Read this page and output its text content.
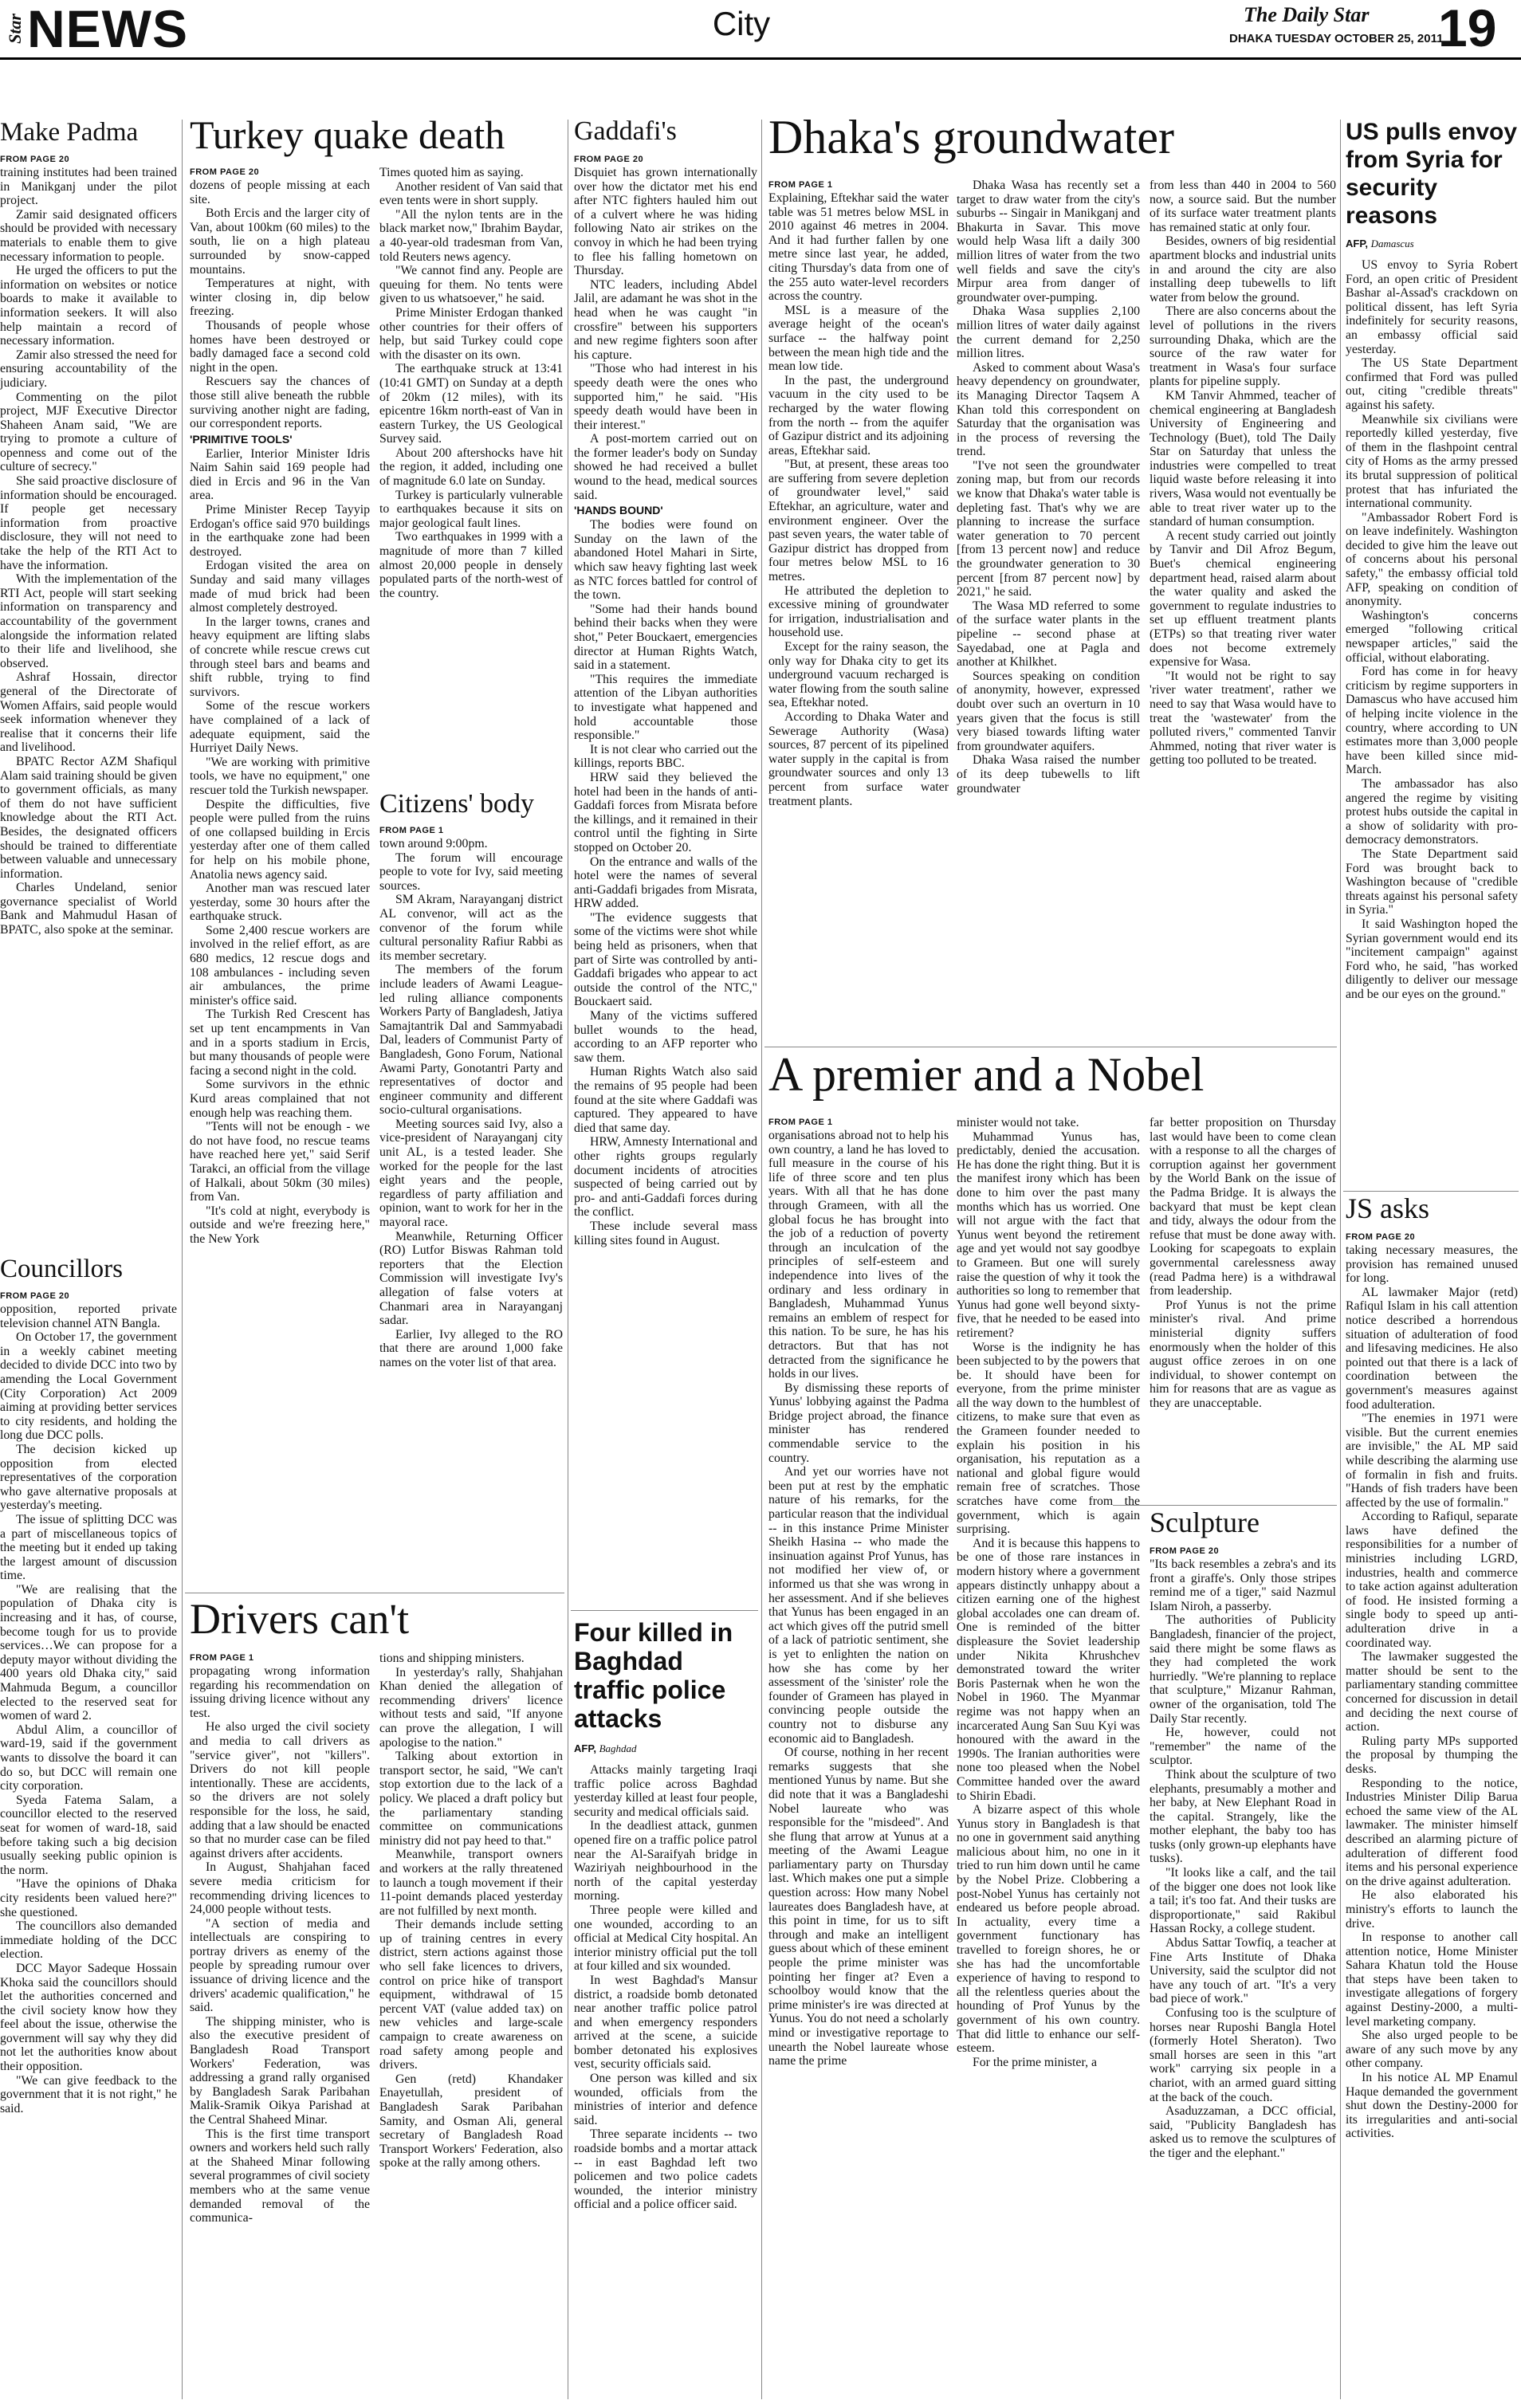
Star NEWS	City	The Daily Star
DHAKA TUESDAY OCTOBER 25, 2011
19
Make Padma
FROM PAGE 20

training institutes had been trained in Manikganj under the pilot project.

Zamir said designated officers should be provided with necessary materials to enable them to give necessary information to people.

He urged the officers to put the information on websites or notice boards to make it available to information seekers. It will also help maintain a record of necessary information.

Zamir also stressed the need for ensuring accountability of the judiciary.

Commenting on the pilot project, MJF Executive Director Shaheen Anam said, "We are trying to promote a culture of openness and come out of the culture of secrecy."

She said proactive disclosure of information should be encouraged. If people get necessary information from proactive disclosure, they will not need to take the help of the RTI Act to have the information.

With the implementation of the RTI Act, people will start seeking information on transparency and accountability of the government alongside the information related to their life and livelihood, she observed.

Ashraf Hossain, director general of the Directorate of Women Affairs, said people would seek information whenever they realise that it concerns their life and livelihood.

BPATC Rector AZM Shafiqul Alam said training should be given to government officials, as many of them do not have sufficient knowledge about the RTI Act. Besides, the designated officers should be trained to differentiate between valuable and unnecessary information.

Charles Undeland, senior governance specialist of World Bank and Mahmudul Hasan of BPATC, also spoke at the seminar.

Councillors
FROM PAGE 20

opposition, reported private television channel ATN Bangla.

On October 17, the government in a weekly cabinet meeting decided to divide DCC into two by amending the Local Government (City Corporation) Act 2009 aiming at providing better services to city residents, and holding the long due DCC polls.

The decision kicked up opposition from elected representatives of the corporation who gave alternative proposals at yesterday's meeting.

The issue of splitting DCC was a part of miscellaneous topics of the meeting but it ended up taking the largest amount of discussion time.

"We are realising that the population of Dhaka city is increasing and it has, of course, become tough for us to provide services…We can propose for a deputy mayor without dividing the 400 years old Dhaka city," said Mahmuda Begum, a councillor elected to the reserved seat for women of ward 2.

Abdul Alim, a councillor of ward-19, said if the government wants to dissolve the board it can do so, but DCC will remain one city corporation.

Syeda Fatema Salam, a councillor elected to the reserved seat for women of ward-18, said before taking such a big decision usually seeking public opinion is the norm.

"Have the opinions of Dhaka city residents been valued here?" she questioned.

The councillors also demanded immediate holding of the DCC election.

DCC Mayor Sadeque Hossain Khoka said the councillors should let the authorities concerned and the civil society know how they feel about the issue, otherwise the government will say why they did not let the authorities know about their opposition.

"We can give feedback to the government that it is not right," he said.

Turkey quake death
FROM PAGE 20

dozens of people missing at each site.

Both Ercis and the larger city of Van, about 100km (60 miles) to the south, lie on a high plateau surrounded by snow-capped mountains.

Temperatures at night, with winter closing in, dip below freezing.

Thousands of people whose homes have been destroyed or badly damaged face a second cold night in the open.

Rescuers say the chances of those still alive beneath the rubble surviving another night are fading, our correspondent reports.

'PRIMITIVE TOOLS'

Earlier, Interior Minister Idris Naim Sahin said 169 people had died in Ercis and 96 in the Van area.

Prime Minister Recep Tayyip Erdogan's office said 970 buildings in the earthquake zone had been destroyed.

Erdogan visited the area on Sunday and said many villages made of mud brick had been almost completely destroyed.

In the larger towns, cranes and heavy equipment are lifting slabs of concrete while rescue crews cut through steel bars and beams and shift rubble, trying to find survivors.

Some of the rescue workers have complained of a lack of adequate equipment, said the Hurriyet Daily News.

"We are working with primitive tools, we have no equipment," one rescuer told the Turkish newspaper.

Despite the difficulties, five people were pulled from the ruins of one collapsed building in Ercis yesterday after one of them called for help on his mobile phone, Anatolia news agency said.

Another man was rescued later yesterday, some 30 hours after the earthquake struck.

Some 2,400 rescue workers are involved in the relief effort, as are 680 medics, 12 rescue dogs and 108 ambulances - including seven air ambulances, the prime minister's office said.

The Turkish Red Crescent has set up tent encampments in Van and in a sports stadium in Ercis, but many thousands of people were facing a second night in the cold.

Some survivors in the ethnic Kurd areas complained that not enough help was reaching them.

"Tents will not be enough - we do not have food, no rescue teams have reached here yet," said Serif Tarakci, an official from the village of Halkali, about 50km (30 miles) from Van.

"It's cold at night, everybody is outside and we're freezing here," the New York

Times quoted him as saying.

Another resident of Van said that even tents were in short supply.

"All the nylon tents are in the black market now," Ibrahim Baydar, a 40-year-old tradesman from Van, told Reuters news agency.

"We cannot find any. People are queuing for them. No tents were given to us whatsoever," he said.

Prime Minister Erdogan thanked other countries for their offers of help, but said Turkey could cope with the disaster on its own.

The earthquake struck at 13:41 (10:41 GMT) on Sunday at a depth of 20km (12 miles), with its epicentre 16km north-east of Van in eastern Turkey, the US Geological Survey said.

About 200 aftershocks have hit the region, it added, including one of magnitude 6.0 late on Sunday.

Turkey is particularly vulnerable to earthquakes because it sits on major geological fault lines.

Two earthquakes in 1999 with a magnitude of more than 7 killed almost 20,000 people in densely populated parts of the north-west of the country.

Citizens' body
FROM PAGE 1

town around 9:00pm.

The forum will encourage people to vote for Ivy, said meeting sources.

SM Akram, Narayanganj district AL convenor, will act as the convenor of the forum while cultural personality Rafiur Rabbi as its member secretary.

The members of the forum include leaders of Awami League-led ruling alliance components Workers Party of Bangladesh, Jatiya Samajtantrik Dal and Sammyabadi Dal, leaders of Communist Party of Bangladesh, Gono Forum, National Awami Party, Gonotantri Party and representatives of doctor and engineer community and different socio-cultural organisations.

Meeting sources said Ivy, also a vice-president of Narayanganj city unit AL, is a tested leader. She worked for the people for the last eight years and the people, regardless of party affiliation and opinion, want to work for her in the mayoral race.

Meanwhile, Returning Officer (RO) Lutfor Biswas Rahman told reporters that the Election Commission will investigate Ivy's allegation of false voters at Chanmari area in Narayanganj sadar.

Earlier, Ivy alleged to the RO that there are around 1,000 fake names on the voter list of that area.

Drivers can't
FROM PAGE 1

propagating wrong information regarding his recommendation on issuing driving licence without any test.

He also urged the civil society and media to call drivers as "service giver", not "killers". Drivers do not kill people intentionally. These are accidents, so the drivers are not solely responsible for the loss, he said, adding that a law should be enacted so that no murder case can be filed against drivers after accidents.

In August, Shahjahan faced severe media criticism for recommending driving licences to 24,000 people without tests.

"A section of media and intellectuals are conspiring to portray drivers as enemy of the people by spreading rumour over issuance of driving licence and the drivers' academic qualification," he said.

The shipping minister, who is also the executive president of Bangladesh Road Transport Workers' Federation, was addressing a grand rally organised by Bangladesh Sarak Paribahan Malik-Sramik Oikya Parishad at the Central Shaheed Minar.

This is the first time transport owners and workers held such rally at the Shaheed Minar following several programmes of civil society members who at the same venue demanded removal of the communica-

tions and shipping ministers.

In yesterday's rally, Shahjahan Khan denied the allegation of recommending drivers' licence without tests and said, "If anyone can prove the allegation, I will apologise to the nation."

Talking about extortion in transport sector, he said, "We can't stop extortion due to the lack of a policy. We placed a draft policy but the parliamentary standing committee on communications ministry did not pay heed to that."

Meanwhile, transport owners and workers at the rally threatened to launch a tough movement if their 11-point demands placed yesterday are not fulfilled by next month.

Their demands include setting up of training centres in every district, stern actions against those who sell fake licences to drivers, control on price hike of transport equipment, withdrawal of 15 percent VAT (value added tax) on new vehicles and large-scale campaign to create awareness on road safety among people and drivers.

Gen (retd) Khandaker Enayetullah, president of Bangladesh Sarak Paribahan Samity, and Osman Ali, general secretary of Bangladesh Road Transport Workers' Federation, also spoke at the rally among others.

Gaddafi's
FROM PAGE 20

Disquiet has grown internationally over how the dictator met his end after NTC fighters hauled him out of a culvert where he was hiding following Nato air strikes on the convoy in which he had been trying to flee his falling hometown on Thursday.

NTC leaders, including Abdel Jalil, are adamant he was shot in the head when he was caught "in crossfire" between his supporters and new regime fighters soon after his capture.

"Those who had interest in his speedy death were the ones who supported him," he said. "His speedy death would have been in their interest."

A post-mortem carried out on the former leader's body on Sunday showed he had received a bullet wound to the head, medical sources said.

'HANDS BOUND'

The bodies were found on Sunday on the lawn of the abandoned Hotel Mahari in Sirte, which saw heavy fighting last week as NTC forces battled for control of the town.

"Some had their hands bound behind their backs when they were shot," Peter Bouckaert, emergencies director at Human Rights Watch, said in a statement.

"This requires the immediate attention of the Libyan authorities to investigate what happened and hold accountable those responsible."

It is not clear who carried out the killings, reports BBC.

HRW said they believed the hotel had been in the hands of anti-Gaddafi forces from Misrata before the killings, and it remained in their control until the fighting in Sirte stopped on October 20.

On the entrance and walls of the hotel were the names of several anti-Gaddafi brigades from Misrata, HRW added.

"The evidence suggests that some of the victims were shot while being held as prisoners, when that part of Sirte was controlled by anti-Gaddafi brigades who appear to act outside the control of the NTC," Bouckaert said.

Many of the victims suffered bullet wounds to the head, according to an AFP reporter who saw them.

Human Rights Watch also said the remains of 95 people had been found at the site where Gaddafi was captured. They appeared to have died that same day.

HRW, Amnesty International and other rights groups regularly document incidents of atrocities suspected of being carried out by pro- and anti-Gaddafi forces during the conflict.

These include several mass killing sites found in August.

Four killed in Baghdad traffic police attacks
AFP, Baghdad

Attacks mainly targeting Iraqi traffic police across Baghdad yesterday killed at least four people, security and medical officials said.

In the deadliest attack, gunmen opened fire on a traffic police patrol near the Al-Saraifyah bridge in Waziriyah neighbourhood in the north of the capital yesterday morning.

Three people were killed and one wounded, according to an official at Medical City hospital. An interior ministry official put the toll at four killed and six wounded.

In west Baghdad's Mansur district, a roadside bomb detonated near another traffic police patrol and when emergency responders arrived at the scene, a suicide bomber detonated his explosives vest, security officials said.

One person was killed and six wounded, officials from the ministries of interior and defence said.

Three separate incidents -- two roadside bombs and a mortar attack -- in east Baghdad left two policemen and two police cadets wounded, the interior ministry official and a police officer said.

Dhaka's groundwater
FROM PAGE 1

Explaining, Eftekhar said the water table was 51 metres below MSL in 2010 against 46 metres in 2004. And it had further fallen by one metre since last year, he added, citing Thursday's data from one of the 255 auto water-level recorders across the country.

MSL is a measure of the average height of the ocean's surface -- the halfway point between the mean high tide and the mean low tide.

In the past, the underground vacuum in the city used to be recharged by the water flowing from the north -- from the aquifer of Gazipur district and its adjoining areas, Eftekhar said.

"But, at present, these areas too are suffering from severe depletion of groundwater level," said Eftekhar, an agriculture, water and environment engineer. Over the past seven years, the water table of Gazipur district has dropped from four metres below MSL to 16 metres.

He attributed the depletion to excessive mining of groundwater for irrigation, industrialisation and household use.

Except for the rainy season, the only way for Dhaka city to get its underground vacuum recharged is water flowing from the south saline sea, Eftekhar noted.

According to Dhaka Water and Sewerage Authority (Wasa) sources, 87 percent of its pipelined water supply in the capital is from groundwater sources and only 13 percent from surface water treatment plants.

Dhaka Wasa has recently set a target to draw water from the city's suburbs -- Singair in Manikganj and Bhakurta in Savar. This move would help Wasa lift a daily 300 million litres of water from the two well fields and save the city's Mirpur area from danger of groundwater over-pumping.

Dhaka Wasa supplies 2,100 million litres of water daily against the current demand for 2,250 million litres.

Asked to comment about Wasa's heavy dependency on groundwater, its Managing Director Taqsem A Khan told this correspondent on Saturday that the organisation was in the process of reversing the trend.

"I've not seen the groundwater zoning map, but from our records we know that Dhaka's water table is depleting fast. That's why we are planning to increase the surface water generation to 70 percent [from 13 percent now] and reduce the groundwater generation to 30 percent [from 87 percent now] by 2021," he said.

The Wasa MD referred to some of the surface water plants in the pipeline -- second phase at Sayedabad, one at Pagla and another at Khilkhet.

Sources speaking on condition of anonymity, however, expressed doubt over such an overturn in 10 years given that the focus is still very biased towards lifting water from groundwater aquifers.

Dhaka Wasa raised the number of its deep tubewells to lift groundwater

from less than 440 in 2004 to 560 now, a source said. But the number of its surface water treatment plants has remained static at only four.

Besides, owners of big residential apartment blocks and industrial units in and around the city are also installing deep tubewells to lift water from below the ground.

There are also concerns about the level of pollutions in the rivers surrounding Dhaka, which are the source of the raw water for treatment in Wasa's four surface plants for pipeline supply.

KM Tanvir Ahmmed, teacher of chemical engineering at Bangladesh University of Engineering and Technology (Buet), told The Daily Star on Saturday that unless the industries were compelled to treat liquid waste before releasing it into rivers, Wasa would not eventually be able to treat river water up to the standard of human consumption.

A recent study carried out jointly by Tanvir and Dil Afroz Begum, Buet's chemical engineering department head, raised alarm about the water quality and asked the government to regulate industries to set up effluent treatment plants (ETPs) so that treating river water does not become extremely expensive for Wasa.

"It would not be right to say 'river water treatment', rather we need to say that Wasa would have to treat the 'wastewater' from the polluted rivers," commented Tanvir Ahmmed, noting that river water is getting too polluted to be treated.

A premier and a Nobel
FROM PAGE 1

organisations abroad not to help his own country, a land he has loved to full measure in the course of his life of three score and ten plus years. With all that he has done through Grameen, with all the global focus he has brought into the job of a reduction of poverty through an inculcation of the principles of self-esteem and independence into lives of the ordinary and less ordinary in Bangladesh, Muhammad Yunus remains an emblem of respect for this nation. To be sure, he has his detractors. But that has not detracted from the significance he holds in our lives.

By dismissing these reports of Yunus' lobbying against the Padma Bridge project abroad, the finance minister has rendered commendable service to the country.

And yet our worries have not been put at rest by the emphatic nature of his remarks, for the particular reason that the individual -- in this instance Prime Minister Sheikh Hasina -- who made the insinuation against Prof Yunus, has not modified her view of, or informed us that she was wrong in her assessment. And if she believes that Yunus has been engaged in an act which gives off the putrid smell of a lack of patriotic sentiment, she is yet to enlighten the nation on how she has come by her assessment of the 'sinister' role the founder of Grameen has played in convincing people outside the country not to disburse any economic aid to Bangladesh.

Of course, nothing in her recent remarks suggests that she mentioned Yunus by name. But she did note that it was a Bangladeshi Nobel laureate who was responsible for the "misdeed". And she flung that arrow at Yunus at a meeting of the Awami League parliamentary party on Thursday last. Which makes one put a simple question across: How many Nobel laureates does Bangladesh have, at this point in time, for us to sift through and make an intelligent guess about which of these eminent people the prime minister was pointing her finger at? Even a schoolboy would know that the prime minister's ire was directed at Yunus. You do not need a scholarly mind or investigative reportage to unearth the Nobel laureate whose name the prime

minister would not take.

Muhammad Yunus has, predictably, denied the accusation. He has done the right thing. But it is the manifest irony which has been done to him over the past many months which has us worried. One will not argue with the fact that Yunus went beyond the retirement age and yet would not say goodbye to Grameen. But one will surely raise the question of why it took the authorities so long to remember that Yunus had gone well beyond sixty-five, that he needed to be eased into retirement?

Worse is the indignity he has been subjected to by the powers that be. It should have been for everyone, from the prime minister all the way down to the humblest of citizens, to make sure that even as the Grameen founder needed to explain his position in his organisation, his reputation as a national and global figure would remain free of scratches. Those scratches have come from the government, which is again surprising.

And it is because this happens to be one of those rare instances in modern history where a government appears distinctly unhappy about a citizen earning one of the highest global accolades one can dream of. One is reminded of the bitter displeasure the Soviet leadership under Nikita Khrushchev demonstrated toward the writer Boris Pasternak when he won the Nobel in 1960. The Myanmar regime was not happy when an incarcerated Aung San Suu Kyi was honoured with the award in the 1990s. The Iranian authorities were none too pleased when the Nobel Committee handed over the award to Shirin Ebadi.

A bizarre aspect of this whole Yunus story in Bangladesh is that no one in government said anything malicious about him, no one in it tried to run him down until he came by the Nobel Prize. Clobbering a post-Nobel Yunus has certainly not endeared us before people abroad. In actuality, every time a government functionary has travelled to foreign shores, he or she has had the uncomfortable experience of having to respond to all the relentless queries about the hounding of Prof Yunus by the government of his own country. That did little to enhance our self-esteem.

For the prime minister, a

far better proposition on Thursday last would have been to come clean with a response to all the charges of corruption against her government by the World Bank on the issue of the Padma Bridge. It is always the backyard that must be kept clean and tidy, always the odour from the refuse that must be done away with. Looking for scapegoats to explain governmental carelessness away (read Padma here) is a withdrawal from leadership.

Prof Yunus is not the prime minister's rival. And prime ministerial dignity suffers enormously when the holder of this august office zeroes in on one individual, to shower contempt on him for reasons that are as vague as they are unacceptable.

Sculpture
FROM PAGE 20

"Its back resembles a zebra's and its front a giraffe's. Only those stripes remind me of a tiger," said Nazmul Islam Niroh, a passerby.

The authorities of Publicity Bangladesh, financier of the project, said there might be some flaws as they had completed the work hurriedly. "We're planning to replace that sculpture," Mizanur Rahman, owner of the organisation, told The Daily Star recently.

He, however, could not "remember" the name of the sculptor.

Think about the sculpture of two elephants, presumably a mother and her baby, at New Elephant Road in the capital. Strangely, like the mother elephant, the baby too has tusks (only grown-up elephants have tusks).

"It looks like a calf, and the tail of the bigger one does not look like a tail; it's too fat. And their tusks are disproportionate," said Rakibul Hassan Rocky, a college student.

Abdus Sattar Towfiq, a teacher at Fine Arts Institute of Dhaka University, said the sculptor did not have any touch of art. "It's a very bad piece of work."

Confusing too is the sculpture of horses near Ruposhi Bangla Hotel (formerly Hotel Sheraton). Two small horses are seen in this "art work" carrying six people in a chariot, with an armed guard sitting at the back of the couch.

Asaduzzaman, a DCC official, said, "Publicity Bangladesh has asked us to remove the sculptures of the tiger and the elephant."

US pulls envoy from Syria for security reasons
AFP, Damascus

US envoy to Syria Robert Ford, an open critic of President Bashar al-Assad's crackdown on political dissent, has left Syria indefinitely for security reasons, an embassy official said yesterday.

The US State Department confirmed that Ford was pulled out, citing "credible threats" against his safety.

Meanwhile six civilians were reportedly killed yesterday, five of them in the flashpoint central city of Homs as the army pressed its brutal suppression of political protest that has infuriated the international community.

"Ambassador Robert Ford is on leave indefinitely. Washington decided to give him the leave out of concerns about his personal safety," the embassy official told AFP, speaking on condition of anonymity.

Washington's concerns emerged "following critical newspaper articles," said the official, without elaborating.

Ford has come in for heavy criticism by regime supporters in Damascus who have accused him of helping incite violence in the country, where according to UN estimates more than 3,000 people have been killed since mid-March.

The ambassador has also angered the regime by visiting protest hubs outside the capital in a show of solidarity with pro-democracy demonstrators.

The State Department said Ford was brought back to Washington because of "credible threats against his personal safety in Syria."

It said Washington hoped the Syrian government would end its "incitement campaign" against Ford who, he said, "has worked diligently to deliver our message and be our eyes on the ground."

JS asks
FROM PAGE 20

taking necessary measures, the provision has remained unused for long.

AL lawmaker Major (retd) Rafiqul Islam in his call attention notice described a horrendous situation of adulteration of food and lifesaving medicines. He also pointed out that there is a lack of coordination between the government's measures against food adulteration.

"The enemies in 1971 were visible. But the current enemies are invisible," the AL MP said while describing the alarming use of formalin in fish and fruits. "Hands of fish traders have been affected by the use of formalin."

According to Rafiqul, separate laws have defined the responsibilities for a number of ministries including LGRD, industries, health and commerce to take action against adulteration of food. He insisted forming a single body to speed up anti-adulteration drive in a coordinated way.

The lawmaker suggested the matter should be sent to the parliamentary standing committee concerned for discussion in detail and deciding the next course of action.

Ruling party MPs supported the proposal by thumping the desks.

Responding to the notice, Industries Minister Dilip Barua echoed the same view of the AL lawmaker. The minister himself described an alarming picture of adulteration of different food items and his personal experience on the drive against adulteration.

He also elaborated his ministry's efforts to launch the drive.

In response to another call attention notice, Home Minister Sahara Khatun told the House that steps have been taken to investigate allegations of forgery against Destiny-2000, a multi-level marketing company.

She also urged people to be aware of any such move by any other company.

In his notice AL MP Enamul Haque demanded the government shut down the Destiny-2000 for its irregularities and anti-social activities.
